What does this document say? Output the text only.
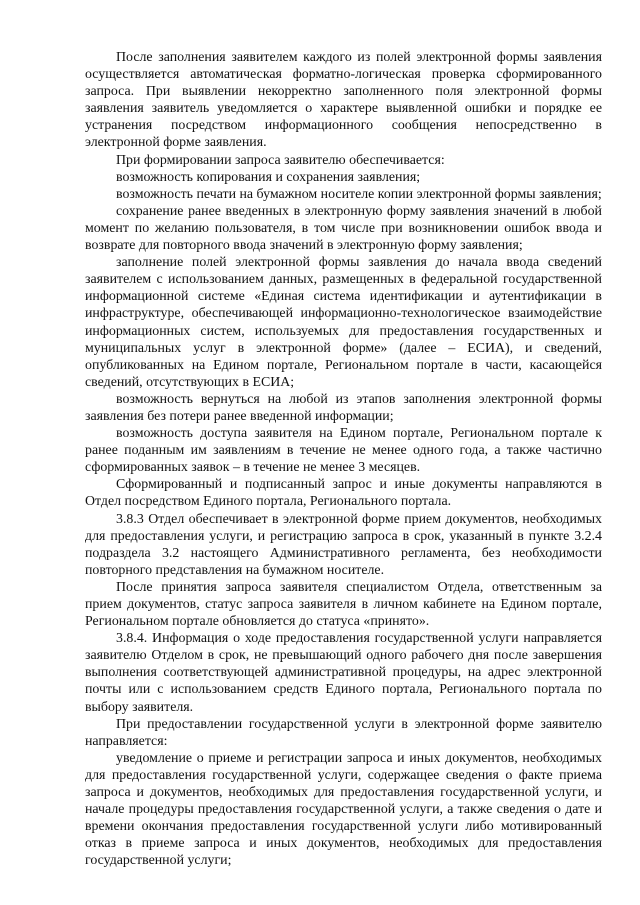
После заполнения заявителем каждого из полей электронной формы заявления осуществляется автоматическая форматно-логическая проверка сформированного запроса. При выявлении некорректно заполненного поля электронной формы заявления заявитель уведомляется о характере выявленной ошибки и порядке ее устранения посредством информационного сообщения непосредственно в электронной форме заявления.

При формировании запроса заявителю обеспечивается:

возможность копирования и сохранения заявления;

возможность печати на бумажном носителе копии электронной формы заявления;

сохранение ранее введенных в электронную форму заявления значений в любой момент по желанию пользователя, в том числе при возникновении ошибок ввода и возврате для повторного ввода значений в электронную форму заявления;

заполнение полей электронной формы заявления до начала ввода сведений заявителем с использованием данных, размещенных в федеральной государственной информационной системе «Единая система идентификации и аутентификации в инфраструктуре, обеспечивающей информационно-технологическое взаимодействие информационных систем, используемых для предоставления государственных и муниципальных услуг в электронной форме» (далее – ЕСИА), и сведений, опубликованных на Едином портале, Региональном портале в части, касающейся сведений, отсутствующих в ЕСИА;

возможность вернуться на любой из этапов заполнения электронной формы заявления без потери ранее введенной информации;

возможность доступа заявителя на Едином портале, Региональном портале к ранее поданным им заявлениям в течение не менее одного года, а также частично сформированных заявок – в течение не менее 3 месяцев.

Сформированный и подписанный запрос и иные документы направляются в Отдел посредством Единого портала, Регионального портала.

3.8.3 Отдел обеспечивает в электронной форме прием документов, необходимых для предоставления услуги, и регистрацию запроса в срок, указанный в пункте 3.2.4 подраздела 3.2 настоящего Административного регламента, без необходимости повторного представления на бумажном носителе.

После принятия запроса заявителя специалистом Отдела, ответственным за прием документов, статус запроса заявителя в личном кабинете на Едином портале, Региональном портале обновляется до статуса «принято».

3.8.4. Информация о ходе предоставления государственной услуги направляется заявителю Отделом в срок, не превышающий одного рабочего дня после завершения выполнения соответствующей административной процедуры, на адрес электронной почты или с использованием средств Единого портала, Регионального портала по выбору заявителя.

При предоставлении государственной услуги в электронной форме заявителю направляется:

уведомление о приеме и регистрации запроса и иных документов, необходимых для предоставления государственной услуги, содержащее сведения о факте приема запроса и документов, необходимых для предоставления государственной услуги, и начале процедуры предоставления государственной услуги, а также сведения о дате и времени окончания предоставления государственной услуги либо мотивированный отказ в приеме запроса и иных документов, необходимых для предоставления государственной услуги;
